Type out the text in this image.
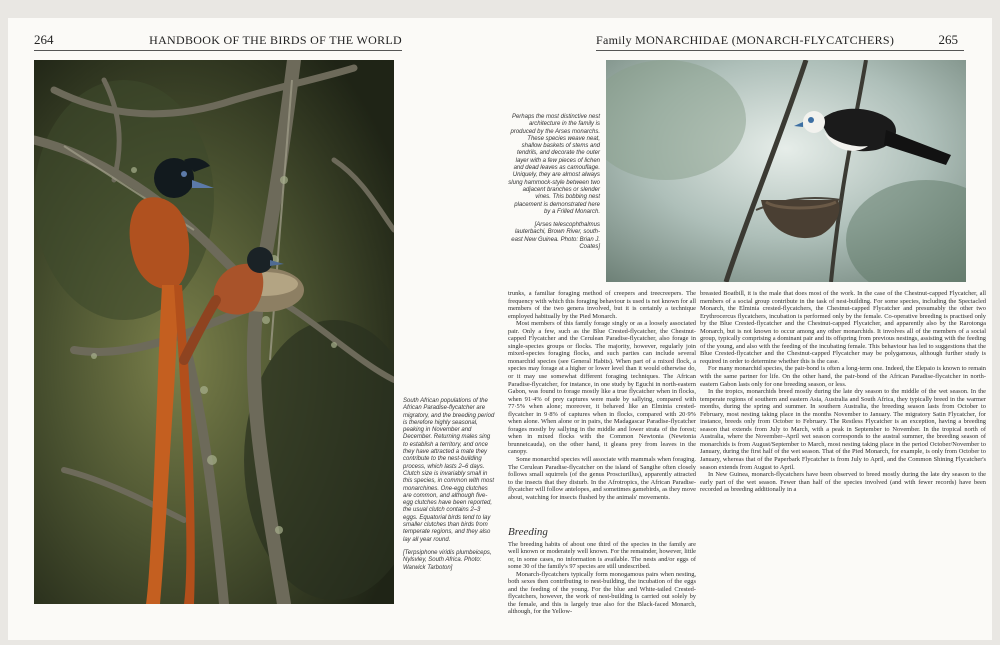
264	HANDBOOK OF THE BIRDS OF THE WORLD
South African populations of the African Paradise-flycatcher are migratory, and the breeding period is therefore highly seasonal, peaking in November and December. Returning males sing to establish a territory, and once they have attracted a mate they contribute to the nest-building process, which lasts 2–6 days. Clutch size is invariably small in this species, in common with most monarchines. One-egg clutches are common, and although five-egg clutches have been reported, the usual clutch contains 2–3 eggs. Equatorial birds tend to lay smaller clutches than birds from temperate regions, and they also lay all year round.
[Terpsiphone viridis plumbeiceps, Nylsvley, South Africa. Photo: Warwick Tarboton]
Family MONARCHIDAE (MONARCH-FLYCATCHERS)	265
Perhaps the most distinctive nest architecture in the family is produced by the Arses monarchs. These species weave neat, shallow baskets of stems and tendrils, and decorate the outer layer with a few pieces of lichen and dead leaves as camouflage. Uniquely, they are almost always slung hammock-style between two adjacent branches or slender vines. This bobbing nest placement is demonstrated here by a Frilled Monarch.
[Arses telescophthalmus lauterbachi, Brown River, south-east New Guinea. Photo: Brian J. Coates]

trunks, a familiar foraging method of creepers and treecreepers. The frequency with which this foraging behaviour is used is not known for all members of the two genera involved, but it is certainly a technique employed habitually by the Pied Monarch.

Most members of this family forage singly or as a loosely associated pair. Only a few, such as the Blue Crested-flycatcher, the Chestnut-capped Flycatcher and the Cerulean Paradise-flycatcher, also forage in single-species groups or flocks. The majority, however, regularly join mixed-species foraging flocks, and such parties can include several monarchid species (see General Habits). When part of a mixed flock, a species may forage at a higher or lower level than it would otherwise do, or it may use somewhat different foraging techniques. The African Paradise-flycatcher, for instance, in one study by Eguchi in north-eastern Gabon, was found to forage mostly like a true flycatcher when in flocks, when 91·4% of prey captures were made by sallying, compared with 77·5% when alone; moreover, it behaved like an Elminia crested-flycatcher in 9·8% of captures when in flocks, compared with 20·9% when alone. When alone or in pairs, the Madagascar Paradise-flycatcher forages mostly by sallying in the middle and lower strata of the forest; when in mixed flocks with the Common Newtonia (Newtonia brunneicauda), on the other hand, it gleans prey from leaves in the canopy.

Some monarchid species will associate with mammals when foraging. The Cerulean Paradise-flycatcher on the island of Sangihe often closely follows small squirrels (of the genus Prosciurillus), apparently attracted to the insects that they disturb. In the Afrotropics, the African Paradise-flycatcher will follow antelopes, and sometimes gamebirds, as they move about, watching for insects flushed by the animals' movements.

Breeding

The breeding habits of about one third of the species in the family are well known or moderately well known. For the remainder, however, little or, in some cases, no information is available. The nests and/or eggs of some 30 of the family's 97 species are still undescribed.

Monarch-flycatchers typically form monogamous pairs when nesting, both sexes then contributing to nest-building, the incubation of the eggs and the feeding of the young. For the blue and White-tailed Crested-flycatchers, however, the work of nest-building is carried out solely by the female, and this is largely true also for the Black-faced Monarch, although, for the Yellow-

breasted Boatbill, it is the male that does most of the work. In the case of the Chestnut-capped Flycatcher, all members of a social group contribute in the task of nest-building. For some species, including the Spectacled Monarch, the Elminia crested-flycatchers, the Chestnut-capped Flycatcher and presumably the other two Erythrocercus flycatchers, incubation is performed only by the female. Co-operative breeding is practised only by the Blue Crested-flycatcher and the Chestnut-capped Flycatcher, and apparently also by the Rarotonga Monarch, but is not known to occur among any other monarchids. It involves all of the members of a social group, typically comprising a dominant pair and its offspring from previous nestings, assisting with the feeding of the young, and also with the feeding of the incubating female. This behaviour has led to suggestions that the Blue Crested-flycatcher and the Chestnut-capped Flycatcher may be polygamous, although further study is required in order to determine whether this is the case.

For many monarchid species, the pair-bond is often a long-term one. Indeed, the Elepaio is known to remain with the same partner for life. On the other hand, the pair-bond of the African Paradise-flycatcher in north-eastern Gabon lasts only for one breeding season, or less.

In the tropics, monarchids breed mostly during the late dry season to the middle of the wet season. In the temperate regions of southern and eastern Asia, Australia and South Africa, they typically breed in the warmer months, during the spring and summer. In southern Australia, the breeding season lasts from October to February, most nesting taking place in the months November to January. The migratory Satin Flycatcher, for instance, breeds only from October to February. The Restless Flycatcher is an exception, having a breeding season that extends from July to March, with a peak in September to November. In the tropical north of Australia, where the November–April wet season corresponds to the austral summer, the breeding season of monarchids is from August/September to March, most nesting taking place in the period October/November to January, during the first half of the wet season. That of the Pied Monarch, for example, is only from October to January, whereas that of the Paperbark Flycatcher is from July to April, and the Common Shining Flycatcher's season extends from August to April.

In New Guinea, monarch-flycatchers have been observed to breed mostly during the late dry season to the early part of the wet season. Fewer than half of the species involved (and with fewer records) have been recorded as breeding additionally in a
